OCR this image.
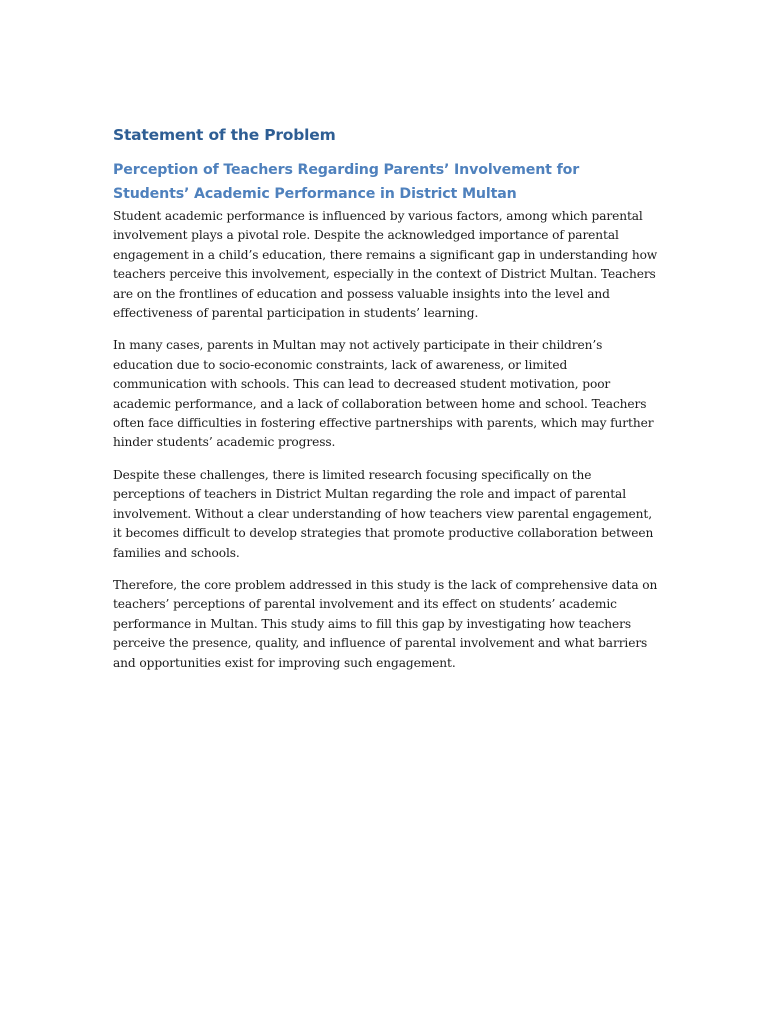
Statement of the Problem
Perception of Teachers Regarding Parents’ Involvement for Students’ Academic Performance in District Multan

Student academic performance is influenced by various factors, among which parental involvement plays a pivotal role. Despite the acknowledged importance of parental engagement in a child’s education, there remains a significant gap in understanding how teachers perceive this involvement, especially in the context of District Multan. Teachers are on the frontlines of education and possess valuable insights into the level and effectiveness of parental participation in students’ learning.

In many cases, parents in Multan may not actively participate in their children’s education due to socio-economic constraints, lack of awareness, or limited communication with schools. This can lead to decreased student motivation, poor academic performance, and a lack of collaboration between home and school. Teachers often face difficulties in fostering effective partnerships with parents, which may further hinder students’ academic progress.

Despite these challenges, there is limited research focusing specifically on the perceptions of teachers in District Multan regarding the role and impact of parental involvement. Without a clear understanding of how teachers view parental engagement, it becomes difficult to develop strategies that promote productive collaboration between families and schools.

Therefore, the core problem addressed in this study is the lack of comprehensive data on teachers’ perceptions of parental involvement and its effect on students’ academic performance in Multan. This study aims to fill this gap by investigating how teachers perceive the presence, quality, and influence of parental involvement and what barriers and opportunities exist for improving such engagement.
